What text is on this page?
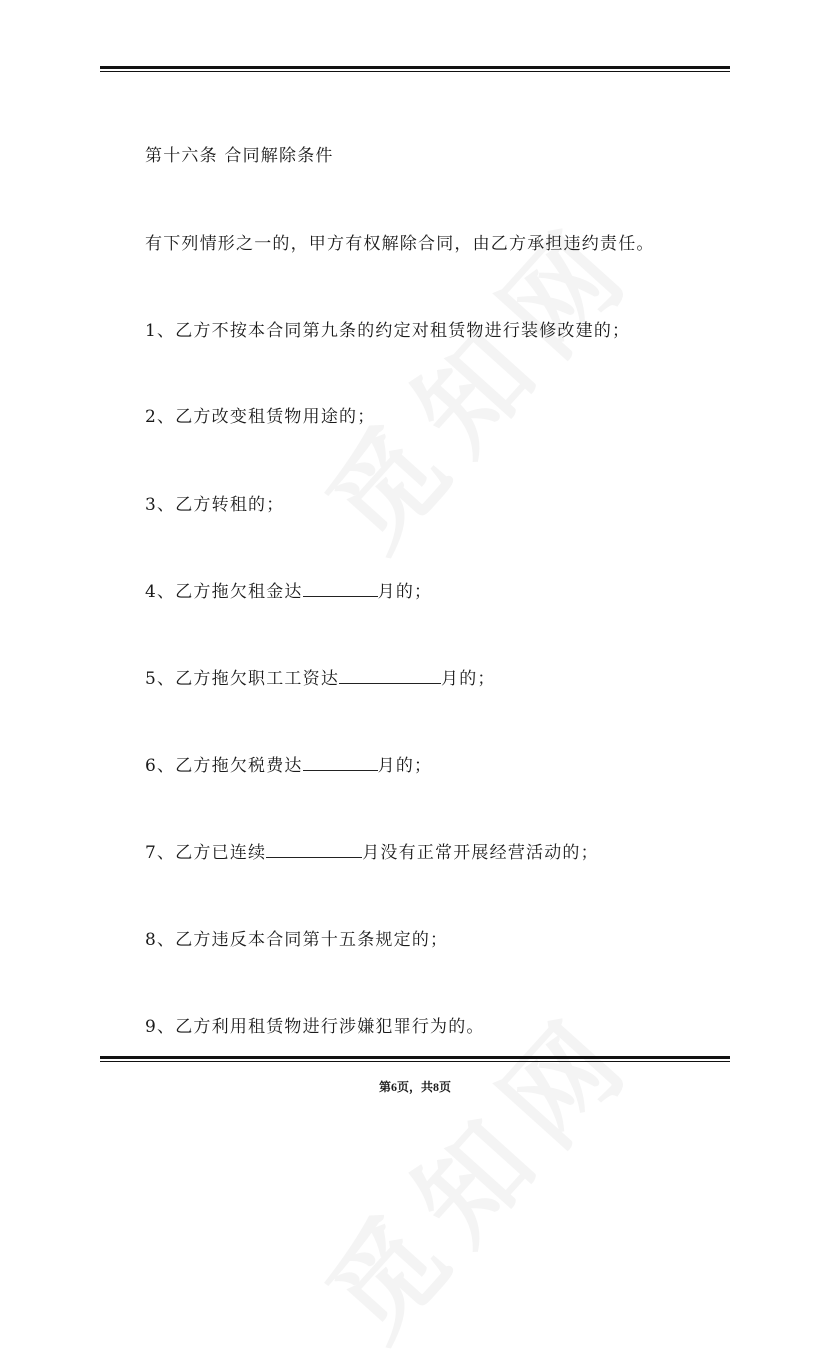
第十六条 合同解除条件
有下列情形之一的，甲方有权解除合同，由乙方承担违约责任。
1、乙方不按本合同第九条的约定对租赁物进行装修改建的；
2、乙方改变租赁物用途的；
3、乙方转租的；
4、乙方拖欠租金达	月的；
5、乙方拖欠职工工资达	月的；
6、乙方拖欠税费达	月的；
7、乙方已连续	月没有正常开展经营活动的；
8、乙方违反本合同第十五条规定的；
9、乙方利用租赁物进行涉嫌犯罪行为的。
第6页，共8页
